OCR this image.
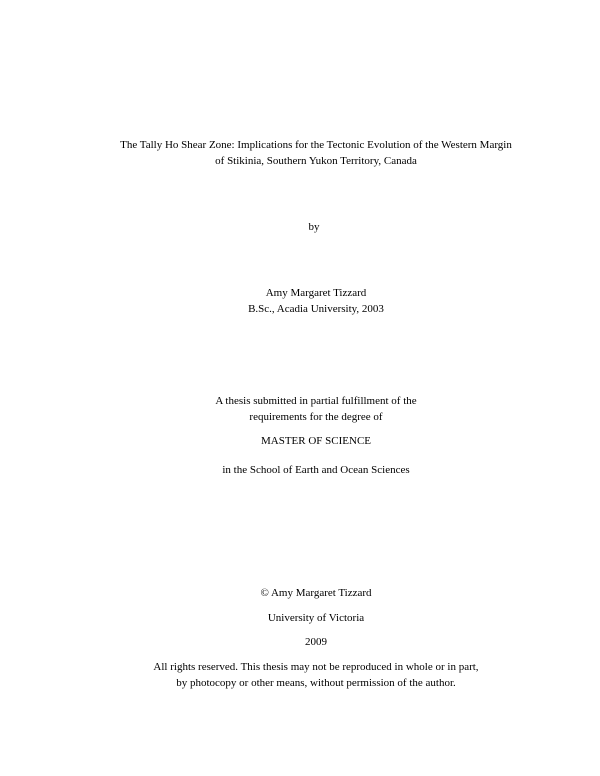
The Tally Ho Shear Zone: Implications for the Tectonic Evolution of the Western Margin
of Stikinia, Southern Yukon Territory, Canada
by
Amy Margaret Tizzard
B.Sc., Acadia University, 2003
A thesis submitted in partial fulfillment of the
requirements for the degree of
MASTER OF SCIENCE
in the School of Earth and Ocean Sciences
© Amy Margaret Tizzard
University of Victoria
2009
All rights reserved. This thesis may not be reproduced in whole or in part,
by photocopy or other means, without permission of the author.
